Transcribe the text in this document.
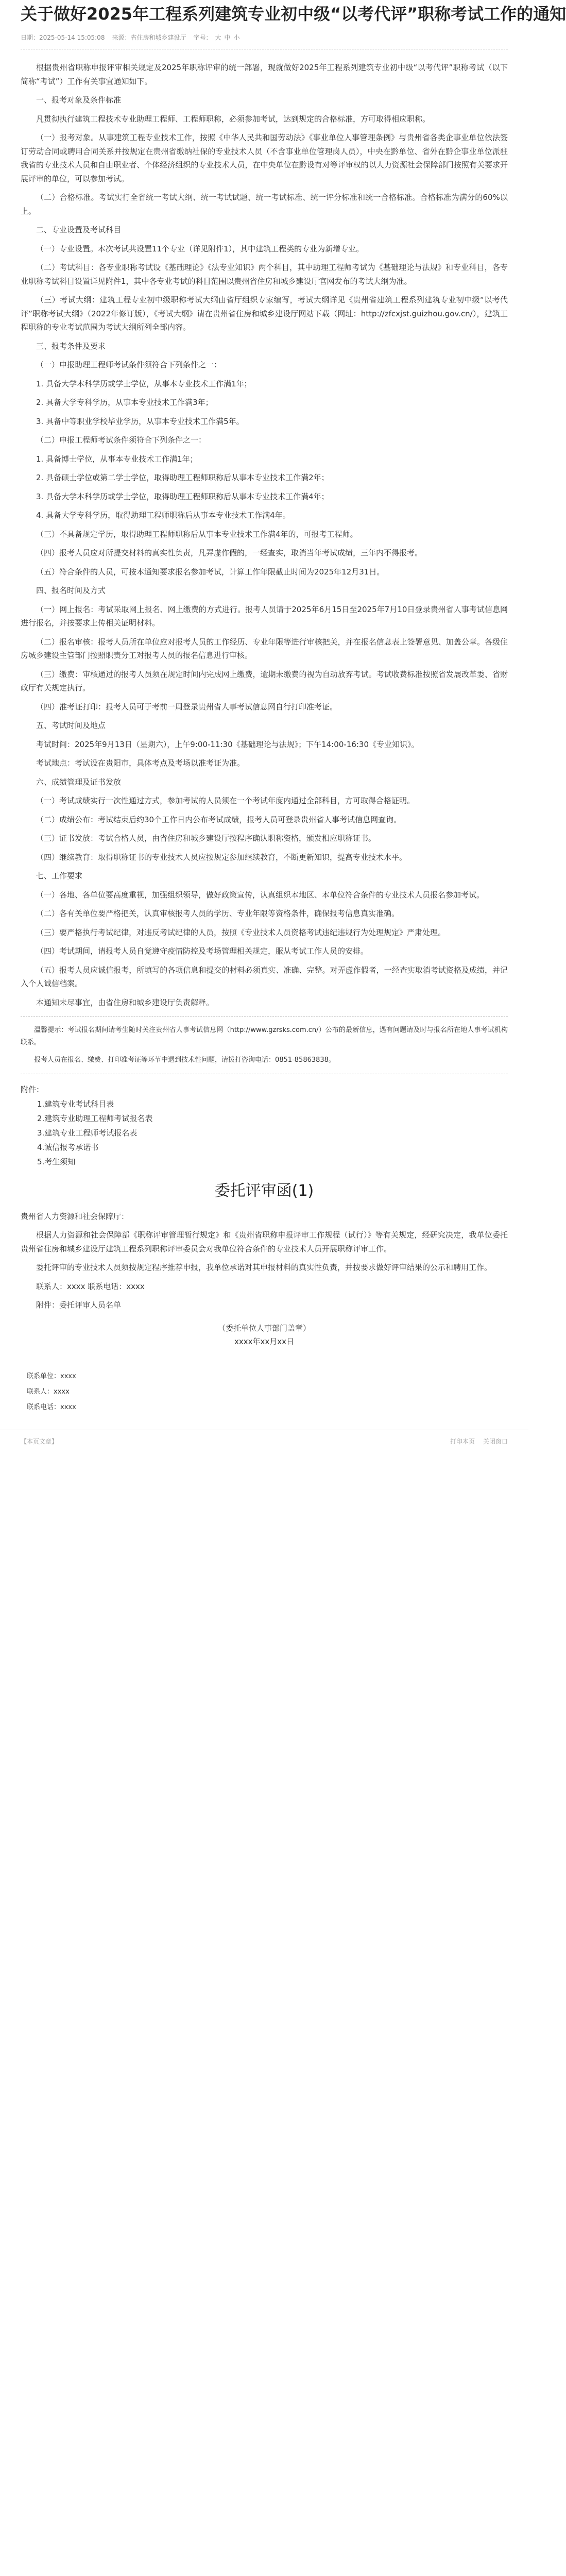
关于做好2025年工程系列建筑专业初中级“以考代评”职称考试工作的通知
日期：2025-05-14 15:05:08 来源：省住房和城乡建设厅 字号： 大 中 小

根据贵州省职称申报评审相关规定及2025年职称评审的统一部署，现就做好2025年工程系列建筑专业初中级“以考代评”职称考试（以下简称“考试”）工作有关事宜通知如下。

一、报考对象及条件标准

凡贯彻执行建筑工程技术专业助理工程师、工程师职称，必须参加考试，达到规定的合格标准，方可取得相应职称。

（一）报考对象。从事建筑工程专业技术工作，按照《中华人民共和国劳动法》《事业单位人事管理条例》与贵州省各类企事业单位依法签订劳动合同或聘用合同关系并按规定在贵州省缴纳社保的专业技术人员（不含事业单位管理岗人员），中央在黔单位、省外在黔企事业单位派驻我省的专业技术人员和自由职业者、个体经济组织的专业技术人员，在中央单位在黔设有对等评审权的以人力资源社会保障部门按照有关要求开展评审的单位，可以参加考试。

（二）合格标准。考试实行全省统一考试大纲、统一考试试题、统一考试标准、统一评分标准和统一合格标准。合格标准为满分的60%以上。

二、专业设置及考试科目

（一）专业设置。本次考试共设置11个专业（详见附件1），其中建筑工程类的专业为新增专业。

（二）考试科目：各专业职称考试设《基础理论》《法专业知识》两个科目，其中助理工程师考试为《基础理论与法规》和专业科目，各专业职称考试科目设置详见附件1，其中各专业考试的科目范围以贵州省住房和城乡建设厅官网发布的考试大纲为准。

（三）考试大纲：建筑工程专业初中级职称考试大纲由省厅组织专家编写，考试大纲详见《贵州省建筑工程系列建筑专业初中级“以考代评”职称考试大纲》（2022年修订版），《考试大纲》请在贵州省住房和城乡建设厅网站下载（网址：http://zfcxjst.guizhou.gov.cn/），建筑工程职称的专业考试范围为考试大纲所列全部内容。

三、报考条件及要求

（一）申报助理工程师考试条件须符合下列条件之一：

1. 具备大学本科学历或学士学位，从事本专业技术工作满1年；

2. 具备大学专科学历，从事本专业技术工作满3年；

3. 具备中等职业学校毕业学历，从事本专业技术工作满5年。

（二）申报工程师考试条件须符合下列条件之一：

1. 具备博士学位，从事本专业技术工作满1年；

2. 具备硕士学位或第二学士学位，取得助理工程师职称后从事本专业技术工作满2年；

3. 具备大学本科学历或学士学位，取得助理工程师职称后从事本专业技术工作满4年；

4. 具备大学专科学历，取得助理工程师职称后从事本专业技术工作满4年。

（三）不具备规定学历，取得助理工程师职称后从事本专业技术工作满4年的，可报考工程师。

（四）报考人员应对所提交材料的真实性负责，凡弄虚作假的，一经查实，取消当年考试成绩，三年内不得报考。

（五）符合条件的人员，可按本通知要求报名参加考试，计算工作年限截止时间为2025年12月31日。

四、报名时间及方式

（一）网上报名：考试采取网上报名、网上缴费的方式进行。报考人员请于2025年6月15日至2025年7月10日登录贵州省人事考试信息网进行报名，并按要求上传相关证明材料。

（二）报名审核：报考人员所在单位应对报考人员的工作经历、专业年限等进行审核把关，并在报名信息表上签署意见、加盖公章。各级住房城乡建设主管部门按照职责分工对报考人员的报名信息进行审核。

（三）缴费：审核通过的报考人员须在规定时间内完成网上缴费，逾期未缴费的视为自动放弃考试。考试收费标准按照省发展改革委、省财政厅有关规定执行。

（四）准考证打印：报考人员可于考前一周登录贵州省人事考试信息网自行打印准考证。

五、考试时间及地点

考试时间：2025年9月13日（星期六），上午9:00-11:30《基础理论与法规》；下午14:00-16:30《专业知识》。

考试地点：考试设在贵阳市，具体考点及考场以准考证为准。

六、成绩管理及证书发放

（一）考试成绩实行一次性通过方式，参加考试的人员须在一个考试年度内通过全部科目，方可取得合格证明。

（二）成绩公布：考试结束后约30个工作日内公布考试成绩，报考人员可登录贵州省人事考试信息网查询。

（三）证书发放：考试合格人员，由省住房和城乡建设厅按程序确认职称资格，颁发相应职称证书。

（四）继续教育：取得职称证书的专业技术人员应按规定参加继续教育，不断更新知识，提高专业技术水平。

七、工作要求

（一）各地、各单位要高度重视，加强组织领导，做好政策宣传，认真组织本地区、本单位符合条件的专业技术人员报名参加考试。

（二）各有关单位要严格把关，认真审核报考人员的学历、专业年限等资格条件，确保报考信息真实准确。

（三）要严格执行考试纪律，对违反考试纪律的人员，按照《专业技术人员资格考试违纪违规行为处理规定》严肃处理。

（四）考试期间，请报考人员自觉遵守疫情防控及考场管理相关规定，服从考试工作人员的安排。

（五）报考人员应诚信报考，所填写的各项信息和提交的材料必须真实、准确、完整。对弄虚作假者，一经查实取消考试资格及成绩，并记入个人诚信档案。

本通知未尽事宜，由省住房和城乡建设厅负责解释。

温馨提示：考试报名期间请考生随时关注贵州省人事考试信息网（http://www.gzrsks.com.cn/）公布的最新信息，遇有问题请及时与报名所在地人事考试机构联系。

报考人员在报名、缴费、打印准考证等环节中遇到技术性问题，请拨打咨询电话：0851-85863838。

附件：
1.建筑专业考试科目表
2.建筑专业助理工程师考试报名表
3.建筑专业工程师考试报名表
4.诚信报考承诺书
5.考生须知
委托评审函(1)

贵州省人力资源和社会保障厅：

根据人力资源和社会保障部《职称评审管理暂行规定》和《贵州省职称申报评审工作规程（试行）》等有关规定，经研究决定，我单位委托贵州省住房和城乡建设厅建筑工程系列职称评审委员会对我单位符合条件的专业技术人员开展职称评审工作。

委托评审的专业技术人员须按规定程序推荐申报，我单位承诺对其申报材料的真实性负责，并按要求做好评审结果的公示和聘用工作。

联系人：xxxx 联系电话：xxxx

附件：委托评审人员名单

（委托单位人事部门盖章）
xxxx年xx月xx日
联系单位：xxxx
联系人：xxxx
联系电话：xxxx
【本页文章】	关闭窗口
打印本页
